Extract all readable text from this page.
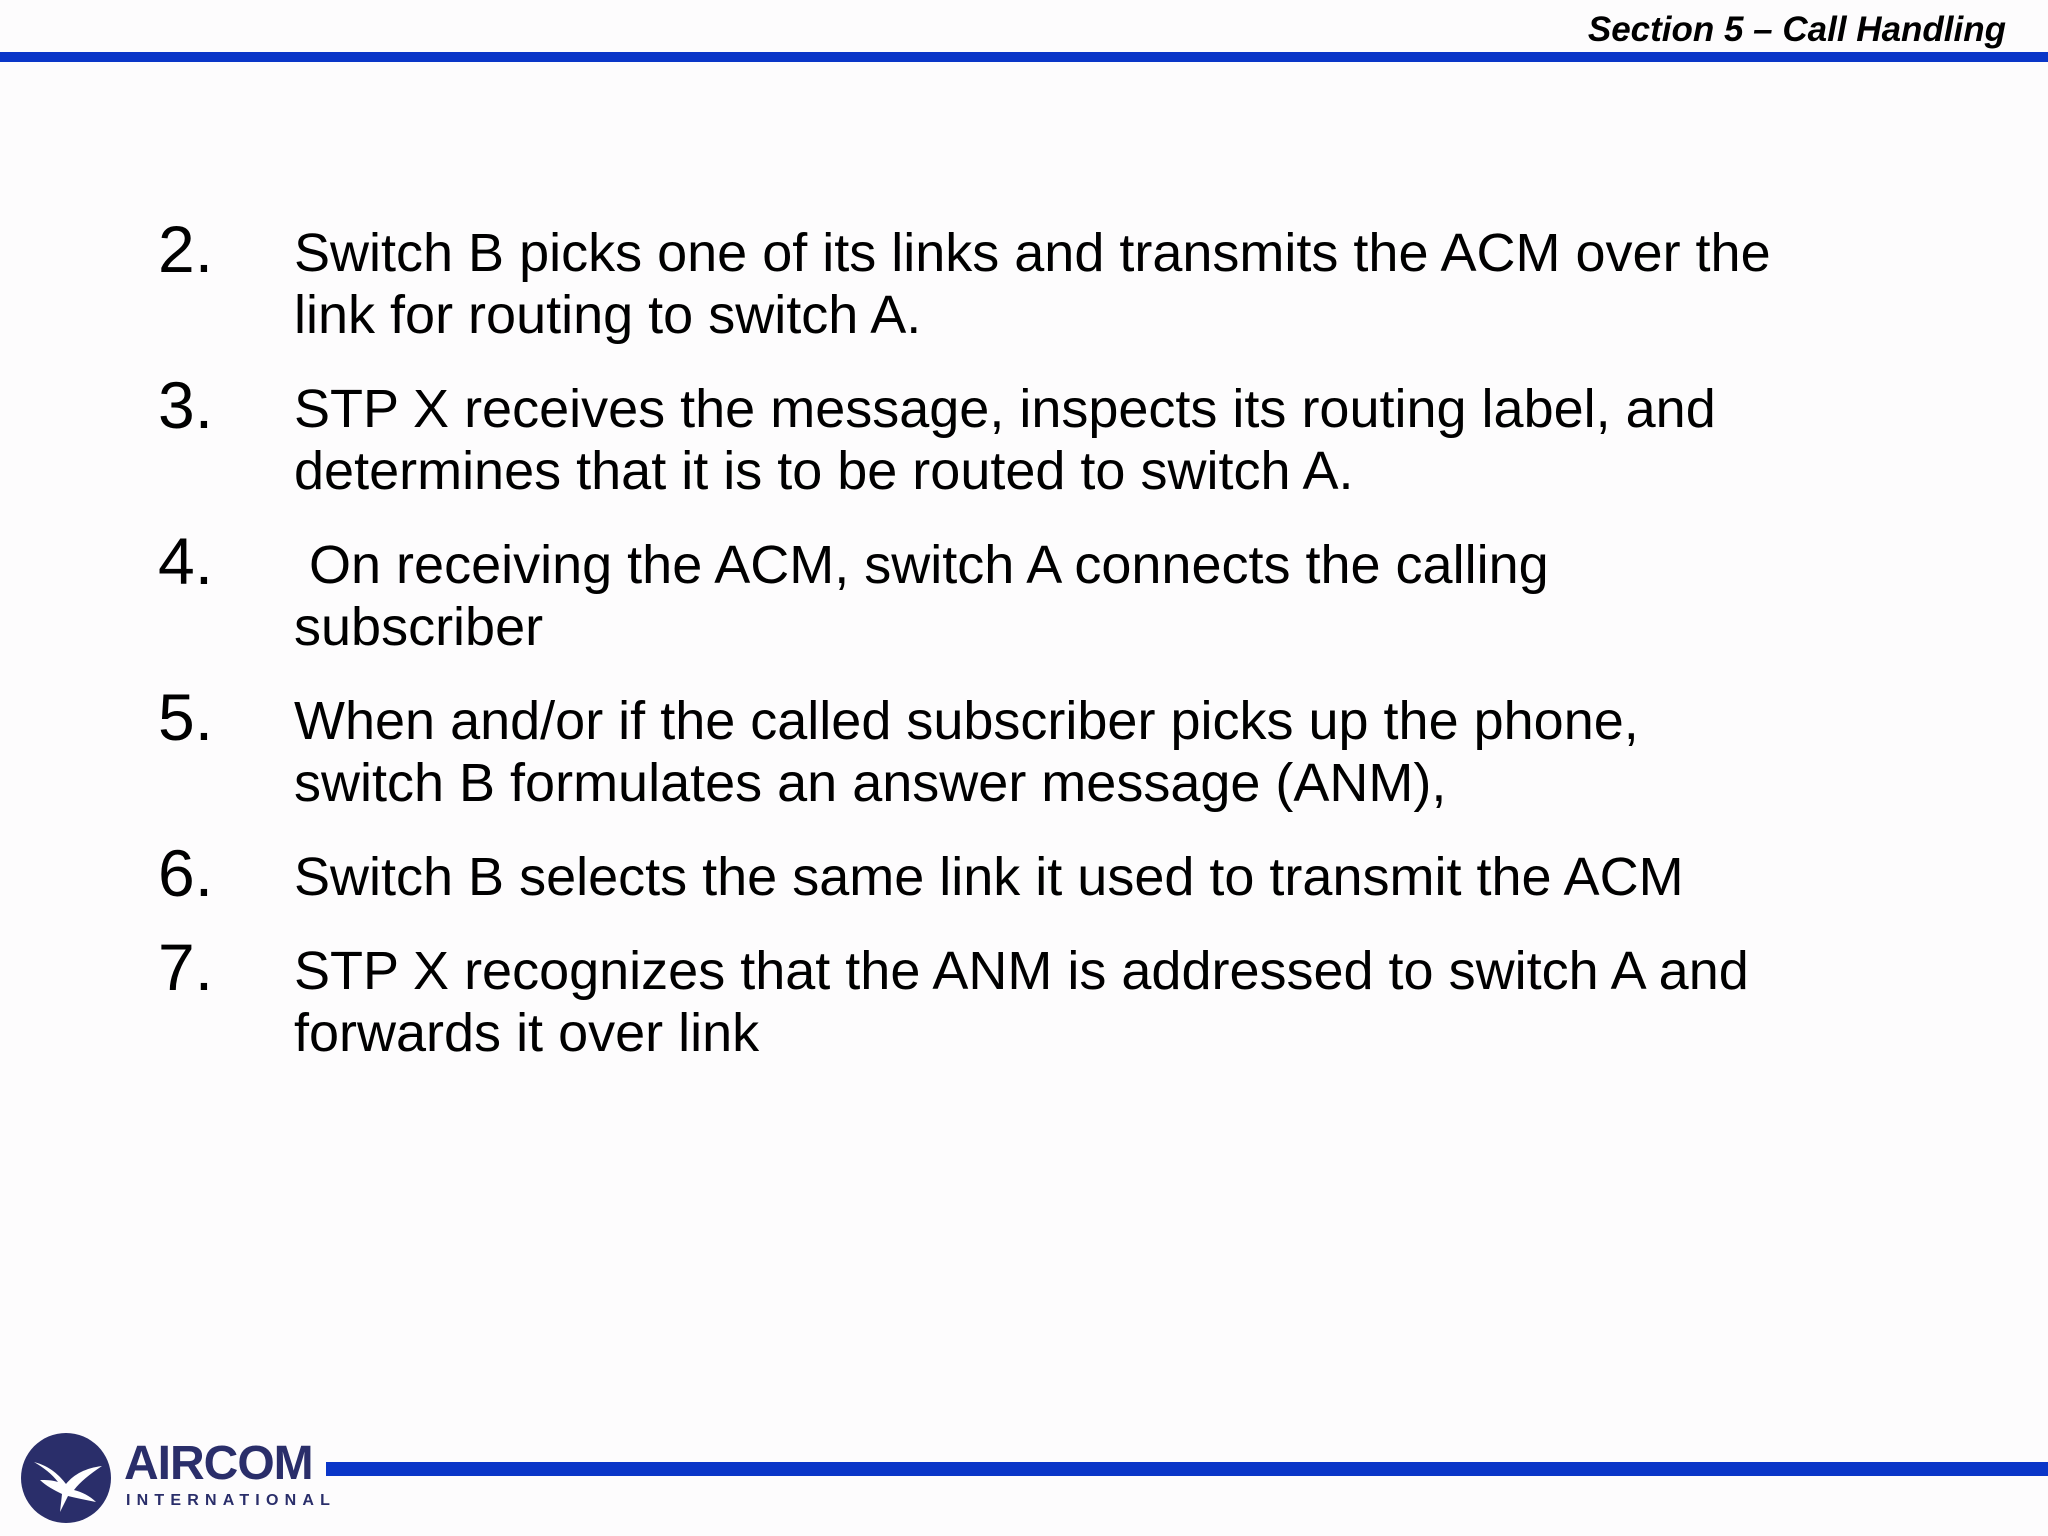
Section 5 – Call Handling
2. Switch B picks one of its links and transmits the ACM over the
link for routing to switch A.
3. STP X receives the message, inspects its routing label, and
determines that it is to be routed to switch A.
4. On receiving the ACM, switch A connects the calling
subscriber
5. When and/or if the called subscriber picks up the phone,
switch B formulates an answer message (ANM),
6. Switch B selects the same link it used to transmit the ACM
7. STP X recognizes that the ANM is addressed to switch A and
forwards it over link
AIRCOM
INTERNATIONAL
